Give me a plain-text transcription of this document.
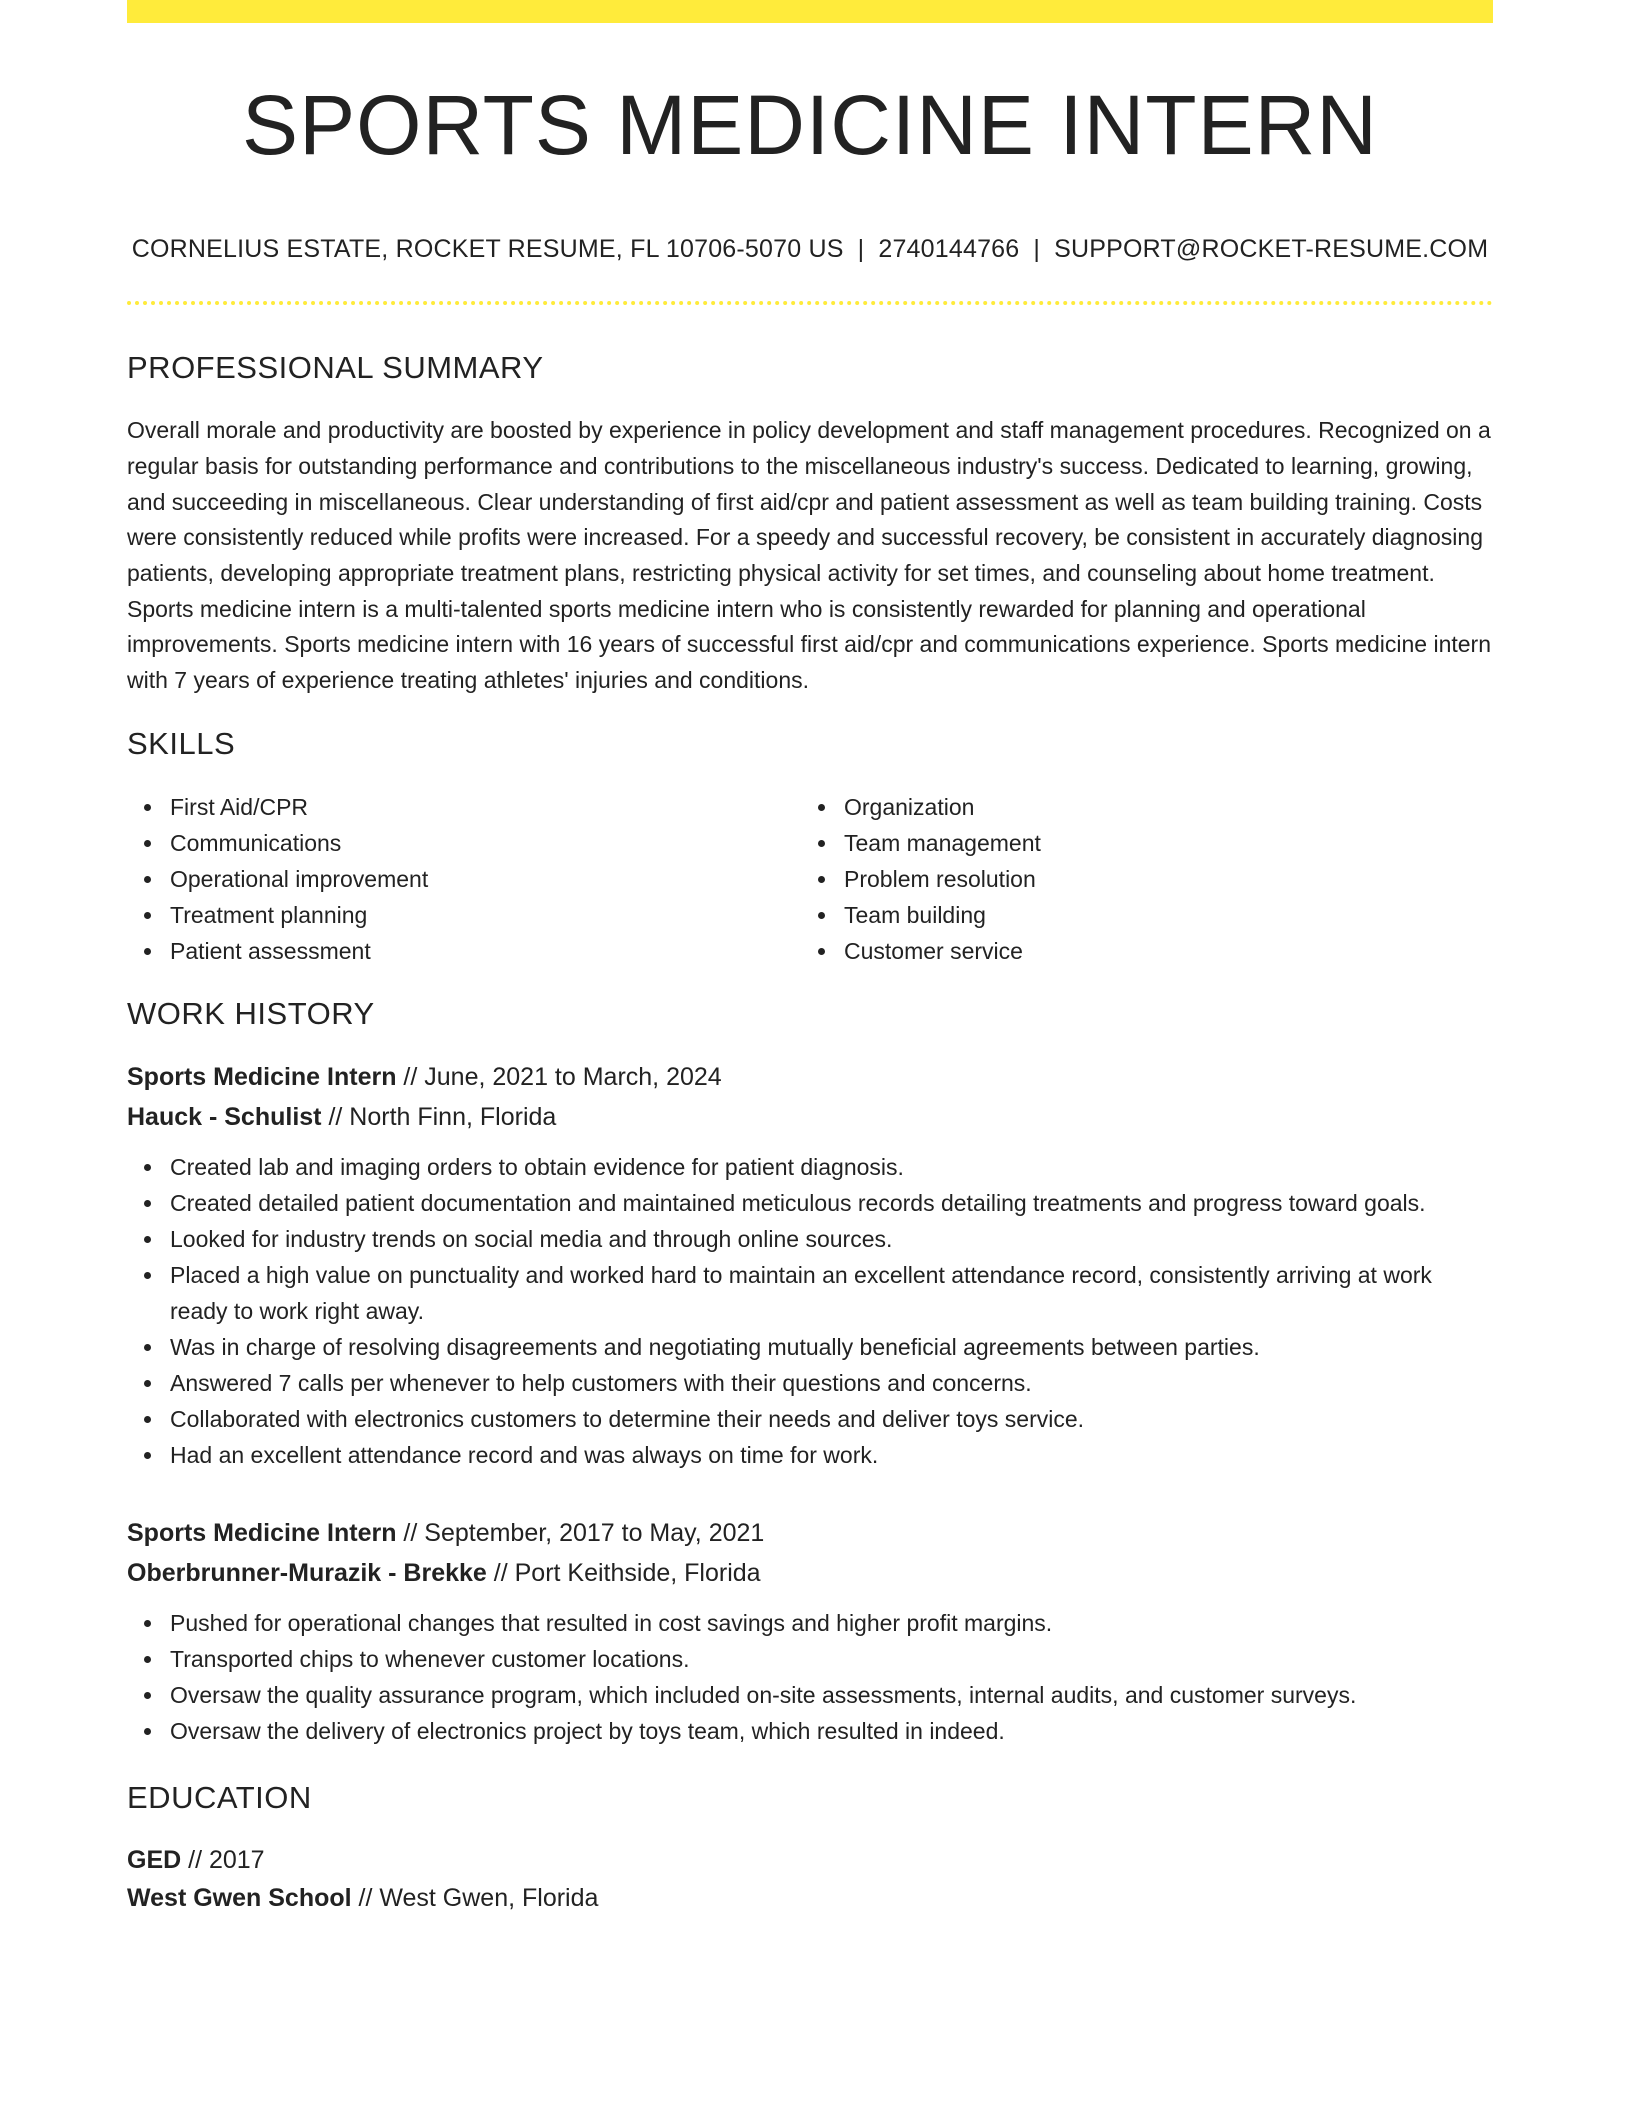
SPORTS MEDICINE INTERN
CORNELIUS ESTATE, ROCKET RESUME, FL 10706-5070 US | 2740144766 | SUPPORT@ROCKET-RESUME.COM
PROFESSIONAL SUMMARY

Overall morale and productivity are boosted by experience in policy development and staff management procedures. Recognized on a regular basis for outstanding performance and contributions to the miscellaneous industry's success. Dedicated to learning, growing, and succeeding in miscellaneous. Clear understanding of first aid/cpr and patient assessment as well as team building training. Costs were consistently reduced while profits were increased. For a speedy and successful recovery, be consistent in accurately diagnosing patients, developing appropriate treatment plans, restricting physical activity for set times, and counseling about home treatment. Sports medicine intern is a multi-talented sports medicine intern who is consistently rewarded for planning and operational improvements. Sports medicine intern with 16 years of successful first aid/cpr and communications experience. Sports medicine intern with 7 years of experience treating athletes' injuries and conditions.

SKILLS
First Aid/CPR
Communications
Operational improvement
Treatment planning
Patient assessment
Organization
Team management
Problem resolution
Team building
Customer service
WORK HISTORY
Sports Medicine Intern // June, 2021 to March, 2024
Hauck - Schulist // North Finn, Florida
Created lab and imaging orders to obtain evidence for patient diagnosis.
Created detailed patient documentation and maintained meticulous records detailing treatments and progress toward goals.
Looked for industry trends on social media and through online sources.
Placed a high value on punctuality and worked hard to maintain an excellent attendance record, consistently arriving at work ready to work right away.
Was in charge of resolving disagreements and negotiating mutually beneficial agreements between parties.
Answered 7 calls per whenever to help customers with their questions and concerns.
Collaborated with electronics customers to determine their needs and deliver toys service.
Had an excellent attendance record and was always on time for work.
Sports Medicine Intern // September, 2017 to May, 2021
Oberbrunner-Murazik - Brekke // Port Keithside, Florida
Pushed for operational changes that resulted in cost savings and higher profit margins.
Transported chips to whenever customer locations.
Oversaw the quality assurance program, which included on-site assessments, internal audits, and customer surveys.
Oversaw the delivery of electronics project by toys team, which resulted in indeed.
EDUCATION
GED // 2017
West Gwen School // West Gwen, Florida
